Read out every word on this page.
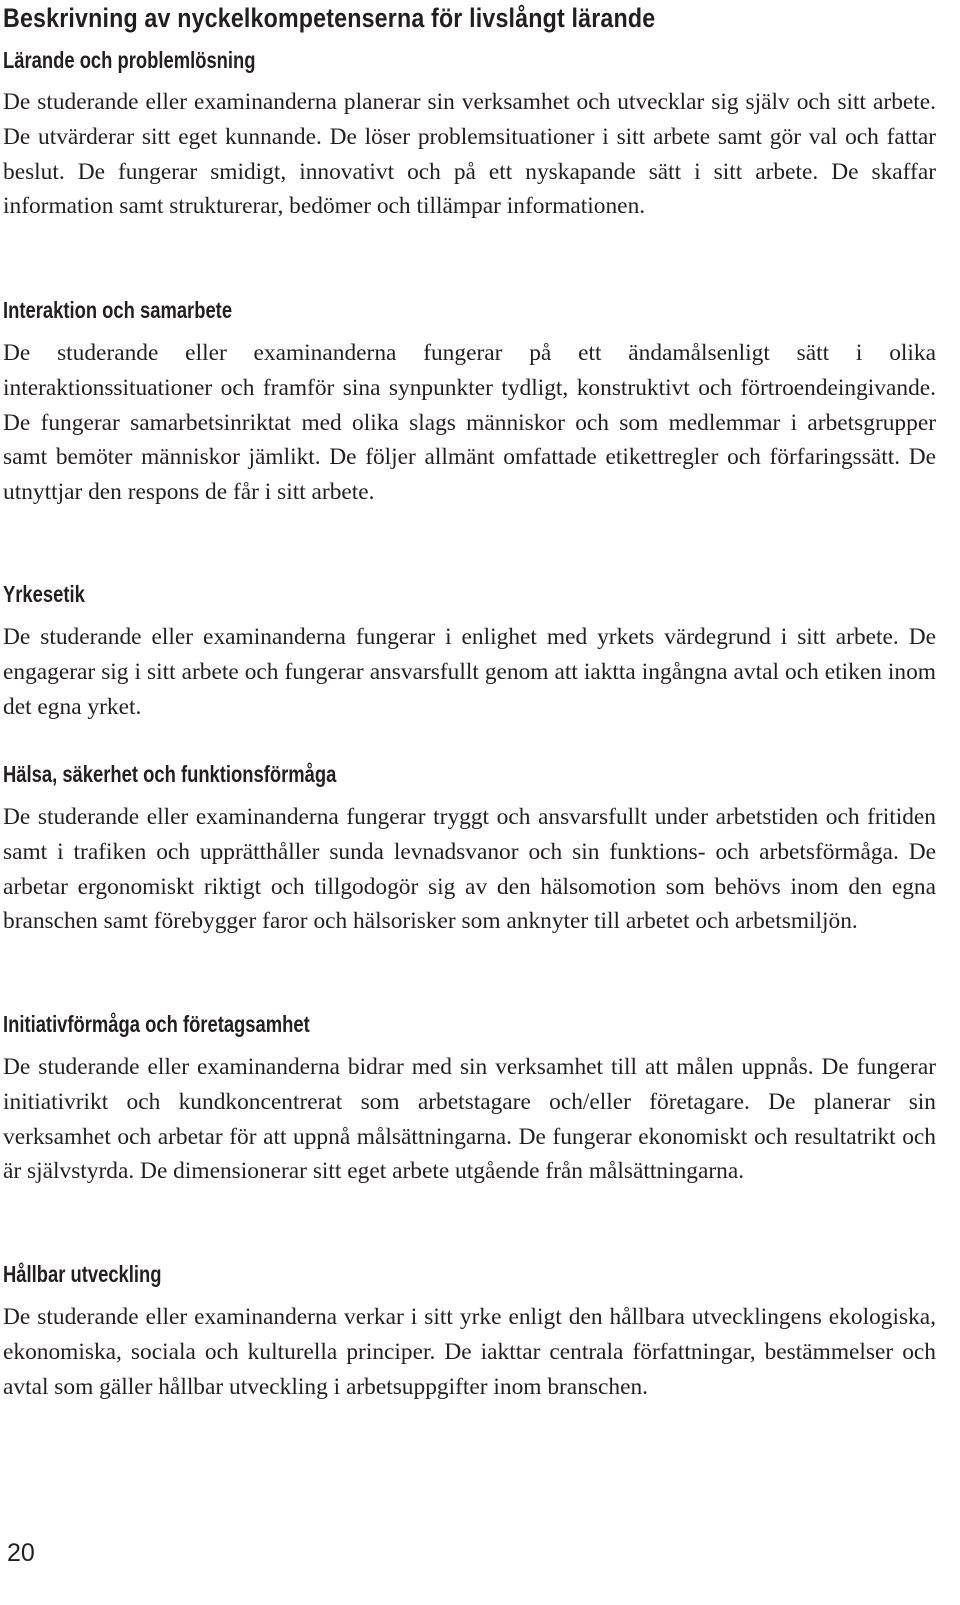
Beskrivning av nyckelkompetenserna för livslångt lärande
Lärande och problemlösning

De studerande eller examinanderna planerar sin verksamhet och utvecklar sig själv och sitt arbete. De utvärderar sitt eget kunnande. De löser problemsituationer i sitt arbete samt gör val och fattar beslut. De fungerar smidigt, innovativt och på ett nyskapande sätt i sitt arbete. De skaffar information samt strukturerar, bedömer och tillämpar informationen.

Interaktion och samarbete

De studerande eller examinanderna fungerar på ett ändamålsenligt sätt i olika interaktionssituationer och framför sina synpunkter tydligt, konstruktivt och förtroendeingivande. De fungerar samarbetsinriktat med olika slags människor och som medlemmar i arbetsgrupper samt bemöter människor jämlikt. De följer allmänt omfattade etikettregler och förfaringssätt. De utnyttjar den respons de får i sitt arbete.

Yrkesetik

De studerande eller examinanderna fungerar i enlighet med yrkets värdegrund i sitt arbete. De engagerar sig i sitt arbete och fungerar ansvarsfullt genom att iaktta ingångna avtal och etiken inom det egna yrket.

Hälsa, säkerhet och funktionsförmåga

De studerande eller examinanderna fungerar tryggt och ansvarsfullt under arbetstiden och fritiden samt i trafiken och upprätthåller sunda levnadsvanor och sin funktions- och arbetsförmåga. De arbetar ergonomiskt riktigt och tillgodogör sig av den hälsomotion som behövs inom den egna branschen samt förebygger faror och hälsorisker som anknyter till arbetet och arbetsmiljön.

Initiativförmåga och företagsamhet

De studerande eller examinanderna bidrar med sin verksamhet till att målen uppnås. De fungerar initiativrikt och kundkoncentrerat som arbetstagare och/​eller företagare. De planerar sin verksamhet och arbetar för att uppnå målsättningarna. De fungerar ekonomiskt och resultatrikt och är självstyrda. De dimensionerar sitt eget arbete utgående från målsättningarna.

Hållbar utveckling

De studerande eller examinanderna verkar i sitt yrke enligt den hållbara utvecklingens ekologiska, ekonomiska, sociala och kulturella principer. De iakttar centrala författningar, bestämmelser och avtal som gäller hållbar utveckling i arbetsuppgifter inom branschen.

20
